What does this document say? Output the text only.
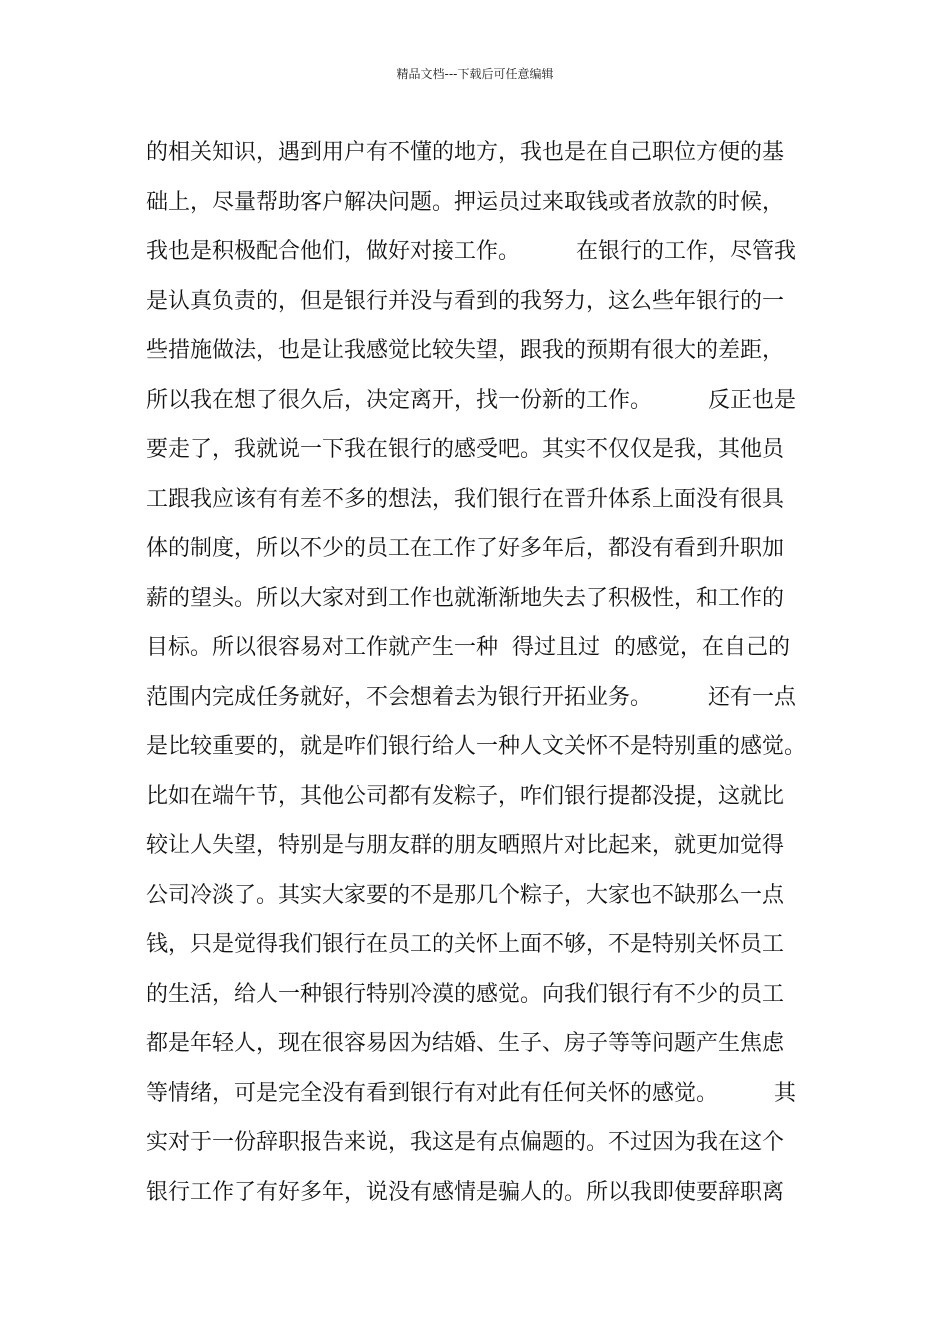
精品文档---下载后可任意编辑
的相关知识，遇到用户有不懂的地方，我也是在自己职位方便的基
础上，尽量帮助客户解决问题。押运员过来取钱或者放款的时候，
我也是积极配合他们，做好对接工作。        在银行的工作，尽管我
是认真负责的，但是银行并没与看到的我努力，这么些年银行的一
些措施做法，也是让我感觉比较失望，跟我的预期有很大的差距，
所以我在想了很久后，决定离开，找一份新的工作。        反正也是
要走了，我就说一下我在银行的感受吧。其实不仅仅是我，其他员
工跟我应该有有差不多的想法，我们银行在晋升体系上面没有很具
体的制度，所以不少的员工在工作了好多年后，都没有看到升职加
薪的望头。所以大家对到工作也就渐渐地失去了积极性，和工作的
目标。所以很容易对工作就产生一种  得过且过  的感觉，在自己的
范围内完成任务就好，不会想着去为银行开拓业务。        还有一点
是比较重要的，就是咋们银行给人一种人文关怀不是特别重的感觉。
比如在端午节，其他公司都有发粽子，咋们银行提都没提，这就比
较让人失望，特别是与朋友群的朋友晒照片对比起来，就更加觉得
公司冷淡了。其实大家要的不是那几个粽子，大家也不缺那么一点
钱，只是觉得我们银行在员工的关怀上面不够，不是特别关怀员工
的生活，给人一种银行特别冷漠的感觉。向我们银行有不少的员工
都是年轻人，现在很容易因为结婚、生子、房子等等问题产生焦虑
等情绪，可是完全没有看到银行有对此有任何关怀的感觉。        其
实对于一份辞职报告来说，我这是有点偏题的。不过因为我在这个
银行工作了有好多年，说没有感情是骗人的。所以我即使要辞职离
